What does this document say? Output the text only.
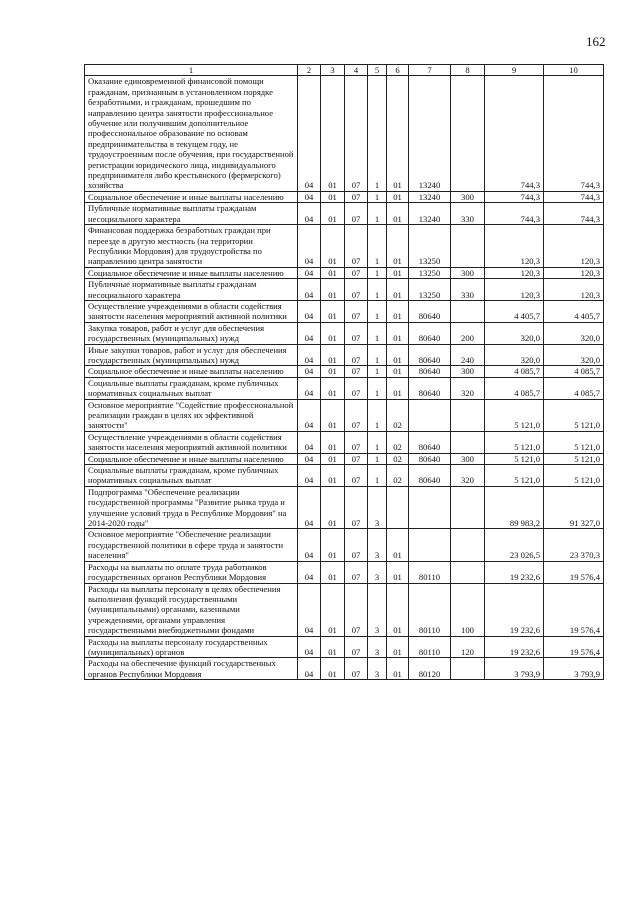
162
1	2	3	4	5	6	7	8	9	10
Оказание единовременной финансовой помощи гражданам, признанным в установленном порядке безработными, и гражданам, прошедшим по направлению центра занятости профессиональное обучение или получившим дополнительное профессиональное образование по основам предпринимательства в текущем году, не трудоустроенным после обучения, при государственной регистрации юридического лица, индивидуального предпринимателя либо крестьянского (фермерского) хозяйства	04	01	07	1	01	13240		744,3	744,3
Социальное обеспечение и иные выплаты населению	04	01	07	1	01	13240	300	744,3	744,3
Публичные нормативные выплаты гражданам несоциального характера	04	01	07	1	01	13240	330	744,3	744,3
Финансовая поддержка безработных граждан при переезде в другую местность (на территории Республики Мордовия) для трудоустройства по направлению центра занятости	04	01	07	1	01	13250		120,3	120,3
Социальное обеспечение и иные выплаты населению	04	01	07	1	01	13250	300	120,3	120,3
Публичные нормативные выплаты гражданам несоциального характера	04	01	07	1	01	13250	330	120,3	120,3
Осуществление учреждениями в области содействия занятости населения мероприятий активной политики	04	01	07	1	01	80640		4 405,7	4 405,7
Закупка товаров, работ и услуг для обеспечения государственных (муниципальных) нужд	04	01	07	1	01	80640	200	320,0	320,0
Иные закупки товаров, работ и услуг для обеспечения государственных (муниципальных) нужд	04	01	07	1	01	80640	240	320,0	320,0
Социальное обеспечение и иные выплаты населению	04	01	07	1	01	80640	300	4 085,7	4 085,7
Социальные выплаты гражданам, кроме публичных нормативных социальных выплат	04	01	07	1	01	80640	320	4 085,7	4 085,7
Основное мероприятие "Содействие профессиональной реализации граждан в целях их эффективной занятости"	04	01	07	1	02			5 121,0	5 121,0
Осуществление учреждениями в области содействия занятости населения мероприятий активной политики	04	01	07	1	02	80640		5 121,0	5 121,0
Социальное обеспечение и иные выплаты населению	04	01	07	1	02	80640	300	5 121,0	5 121,0
Социальные выплаты гражданам, кроме публичных нормативных социальных выплат	04	01	07	1	02	80640	320	5 121,0	5 121,0
Подпрограмма "Обеспечение реализации государственной программы "Развитие рынка труда и улучшение условий труда в Республике Мордовия" на 2014-2020 годы"	04	01	07	3				89 983,2	91 327,0
Основное мероприятие "Обеспечение реализации государственной политики в сфере труда и занятости населения"	04	01	07	3	01			23 026,5	23 370,3
Расходы на выплаты по оплате труда работников государственных органов Республики Мордовия	04	01	07	3	01	80110		19 232,6	19 576,4
Расходы на выплаты персоналу в целях обеспечения выполнения функций государственными (муниципальными) органами, казенными учреждениями, органами управления государственными внебюджетными фондами	04	01	07	3	01	80110	100	19 232,6	19 576,4
Расходы на выплаты персоналу государственных (муниципальных) органов	04	01	07	3	01	80110	120	19 232,6	19 576,4
Расходы на обеспечение функций государственных органов Республики Мордовия	04	01	07	3	01	80120		3 793,9	3 793,9
